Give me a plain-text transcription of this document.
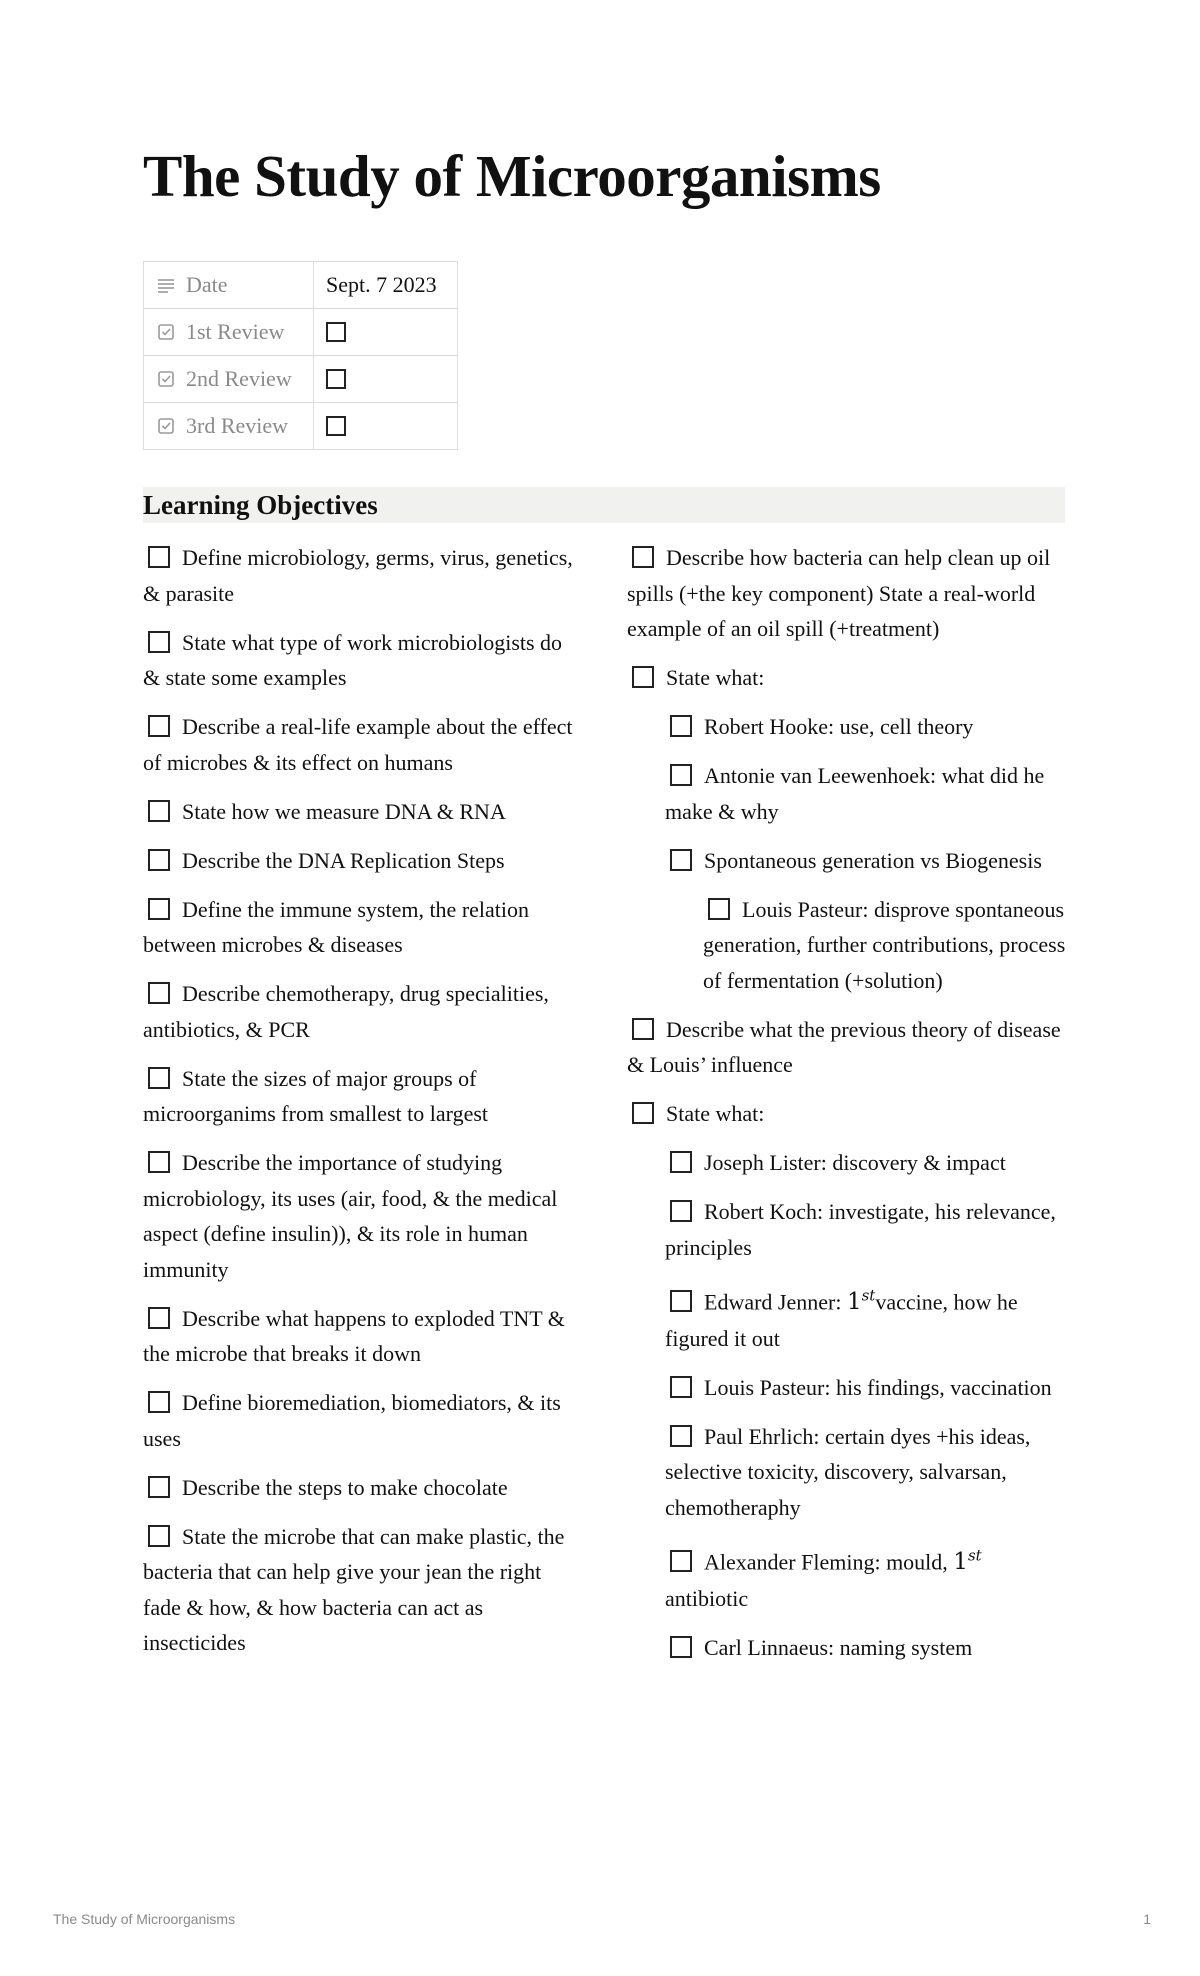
The Study of Microorganisms
Date	Sept. 7 2023

1st Review	

2nd Review	

3rd Review	
Learning Objectives
Define microbiology, germs, virus, genetics, & parasite
State what type of work microbiologists do & state some examples
Describe a real-life example about the effect of microbes & its effect on humans
State how we measure DNA & RNA
Describe the DNA Replication Steps
Define the immune system, the relation between microbes & diseases
Describe chemotherapy, drug specialities, antibiotics, & PCR
State the sizes of major groups of microorganims from smallest to largest
Describe the importance of studying microbiology, its uses (air, food, & the medical aspect (define insulin)), & its role in human immunity
Describe what happens to exploded TNT & the microbe that breaks it down
Define bioremediation, biomediators, & its uses
Describe the steps to make chocolate
State the microbe that can make plastic, the bacteria that can help give your jean the right fade & how, & how bacteria can act as insecticides
Describe how bacteria can help clean up oil spills (+the key component) State a real-world example of an oil spill (+treatment)
State what:
Robert Hooke: use, cell theory
Antonie van Leewenhoek: what did he make & why
Spontaneous generation vs Biogenesis
Louis Pasteur: disprove spontaneous generation, further contributions, process of fermentation (+solution)
Describe what the previous theory of disease & Louis’ influence
State what:
Joseph Lister: discovery & impact
Robert Koch: investigate, his relevance, principles
Edward Jenner: 1stvaccine, how he figured it out
Louis Pasteur: his findings, vaccination
Paul Ehrlich: certain dyes +his ideas, selective toxicity, discovery, salvarsan, chemotheraphy
Alexander Fleming: mould, 1st antibiotic
Carl Linnaeus: naming system
The Study of Microorganisms	1
